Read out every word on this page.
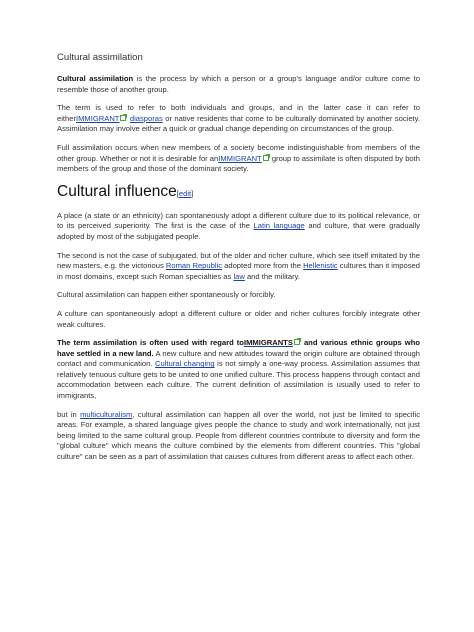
Cultural assimilation

Cultural assimilation is the process by which a person or a group's language and/or culture come to resemble those of another group.

The term is used to refer to both individuals and groups, and in the latter case it can refer to eitherIMMIGRANT diasporas or native residents that come to be culturally dominated by another society. Assimilation may involve either a quick or gradual change depending on circumstances of the group.

Full assimilation occurs when new members of a society become indistinguishable from members of the other group. Whether or not it is desirable for anIMMIGRANT group to assimilate is often disputed by both members of the group and those of the dominant society.

Cultural influence[edit]

A place (a state or an ethnicity) can spontaneously adopt a different culture due to its political relevance, or to its perceived superiority. The first is the case of the Latin language and culture, that were gradually adopted by most of the subjugated people.

The second is not the case of subjugated, but of the older and richer culture, which see itself imitated by the new masters, e.g. the victorious Roman Republic adopted more from the Hellenistic cultures than it imposed in most domains, except such Roman specialties as law and the military.

Cultural assimilation can happen either spontaneously or forcibly.

A culture can spontaneously adopt a different culture or older and richer cultures forcibly integrate other weak cultures.

The term assimilation is often used with regard toIMMIGRANTS and various ethnic groups who have settled in a new land. A new culture and new attitudes toward the origin culture are obtained through contact and communication. Cultural changing is not simply a one-way process. Assimilation assumes that relatively tenuous culture gets to be united to one unified culture. This process happens through contact and accommodation between each culture. The current definition of assimilation is usually used to refer to immigrants,

but in multiculturalism, cultural assimilation can happen all over the world, not just be limited to specific areas. For example, a shared language gives people the chance to study and work internationally, not just being limited to the same cultural group. People from different countries contribute to diversity and form the "global culture" which means the culture combined by the elements from different countries. This "global culture" can be seen as a part of assimilation that causes cultures from different areas to affect each other.
